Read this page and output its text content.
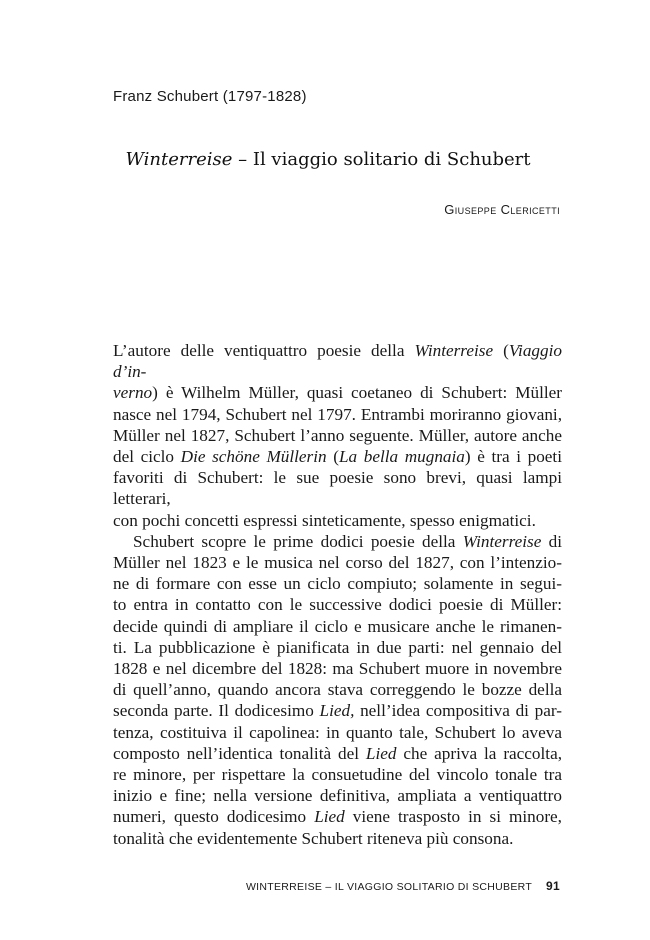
Franz Schubert (1797-1828)
Winterreise – Il viaggio solitario di Schubert
Giuseppe Clericetti

L’autore delle ventiquattro poesie della Winterreise (Viaggio d’in-
verno) è Wilhelm Müller, quasi coetaneo di Schubert: Müller
nasce nel 1794, Schubert nel 1797. Entrambi moriranno giovani,
Müller nel 1827, Schubert l’anno seguente. Müller, autore anche
del ciclo Die schöne Müllerin (La bella mugnaia) è tra i poeti
favoriti di Schubert: le sue poesie sono brevi, quasi lampi letterari,
con pochi concetti espressi sinteticamente, spesso enigmatici.

Schubert scopre le prime dodici poesie della Winterreise di
Müller nel 1823 e le musica nel corso del 1827, con l’intenzio-
ne di formare con esse un ciclo compiuto; solamente in segui-
to entra in contatto con le successive dodici poesie di Müller:
decide quindi di ampliare il ciclo e musicare anche le rimanen-
ti. La pubblicazione è pianificata in due parti: nel gennaio del
1828 e nel dicembre del 1828: ma Schubert muore in novembre
di quell’anno, quando ancora stava correggendo le bozze della
seconda parte. Il dodicesimo Lied, nell’idea compositiva di par-
tenza, costituiva il capolinea: in quanto tale, Schubert lo aveva
composto nell’identica tonalità del Lied che apriva la raccolta,
re minore, per rispettare la consuetudine del vincolo tonale tra
inizio e fine; nella versione definitiva, ampliata a ventiquattro
numeri, questo dodicesimo Lied viene trasposto in si minore,
tonalità che evidentemente Schubert riteneva più consona.

WINTERREISE – IL VIAGGIO SOLITARIO DI SCHUBERT 91
